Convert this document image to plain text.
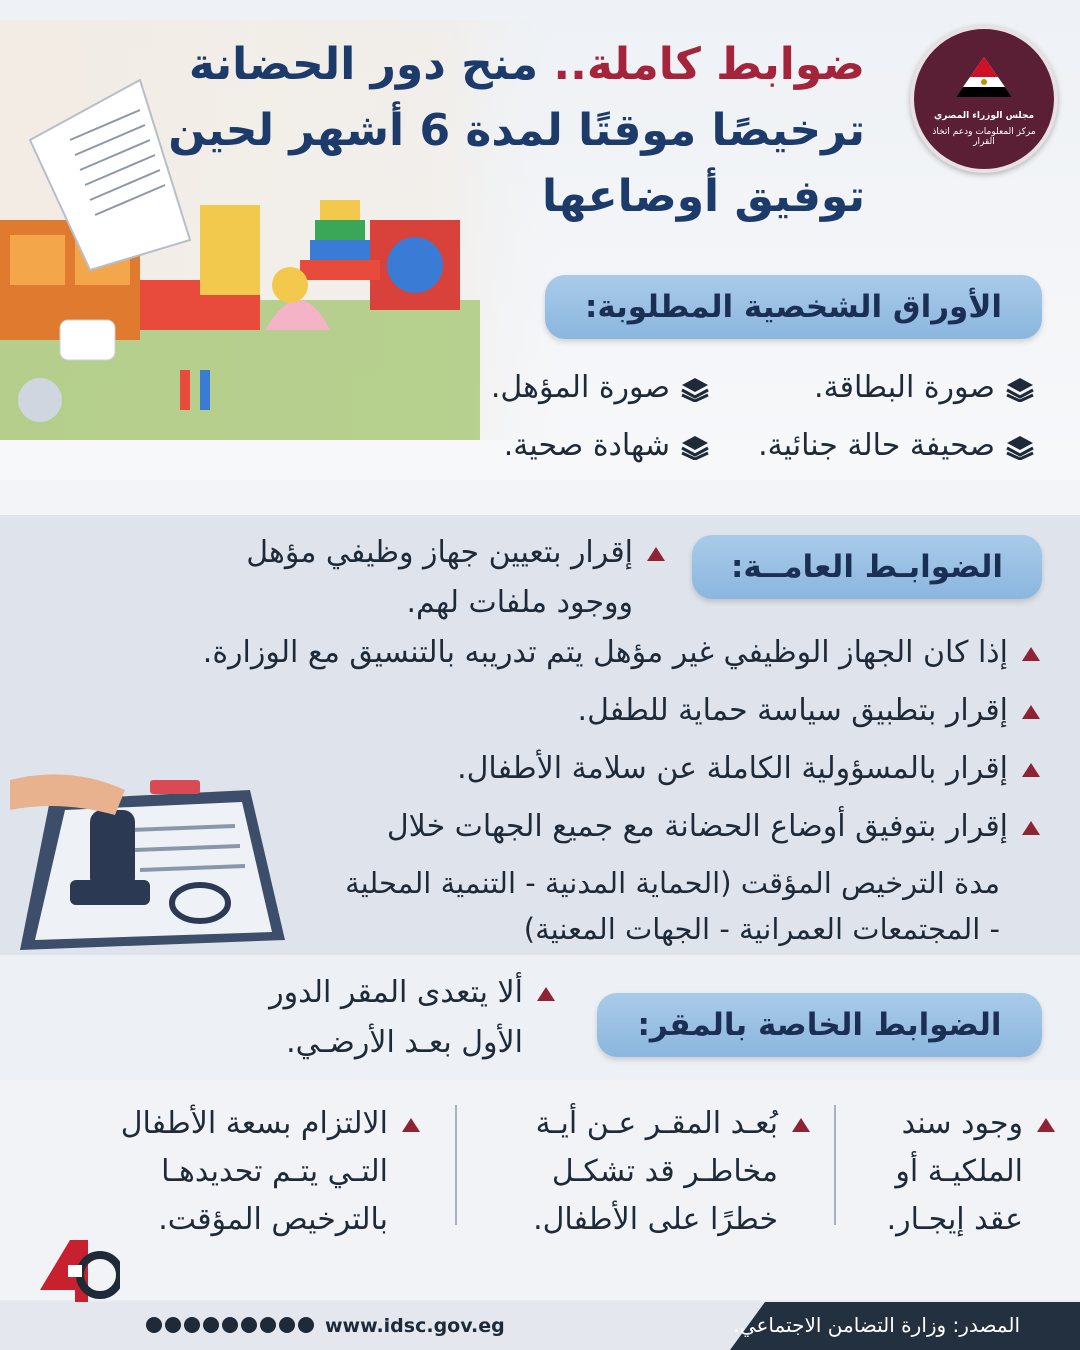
مجلس الوزراء المصري
مركز المعلومات ودعم اتخاذ القرار
ضوابط كاملة.. منح دور الحضانة
ترخيصًا موقتًا لمدة 6 أشهر لحين
توفيق أوضاعها
الأوراق الشخصية المطلوبة:
صورة البطاقة.
صورة المؤهل.
صحيفة حالة جنائية.
شهادة صحية.
الضوابـط العامــة:
إقرار بتعيين جهاز وظيفي مؤهل
ووجود ملفات لهم.
إذا كان الجهاز الوظيفي غير مؤهل يتم تدريبه بالتنسيق مع الوزارة.
إقرار بتطبيق سياسة حماية للطفل.
إقرار بالمسؤولية الكاملة عن سلامة الأطفال.
إقرار بتوفيق أوضاع الحضانة مع جميع الجهات خلال
مدة الترخيص المؤقت (الحماية المدنية - التنمية المحلية
- المجتمعات العمرانية - الجهات المعنية)
الضوابط الخاصة بالمقر:
ألا يتعدى المقر الدور
الأول بعـد الأرضـي.
وجود سند
الملكيـة أو
عقد إيجـار.
بُعـد المقـر عـن أيـة
مخاطـر قد تشكـل
خطرًا على الأطفال.
الالتزام بسعة الأطفال
التـي يتـم تحديدهـا
بالترخيص المؤقت.
المصدر: وزارة التضامن الاجتماعي.
www.idsc.gov.eg
